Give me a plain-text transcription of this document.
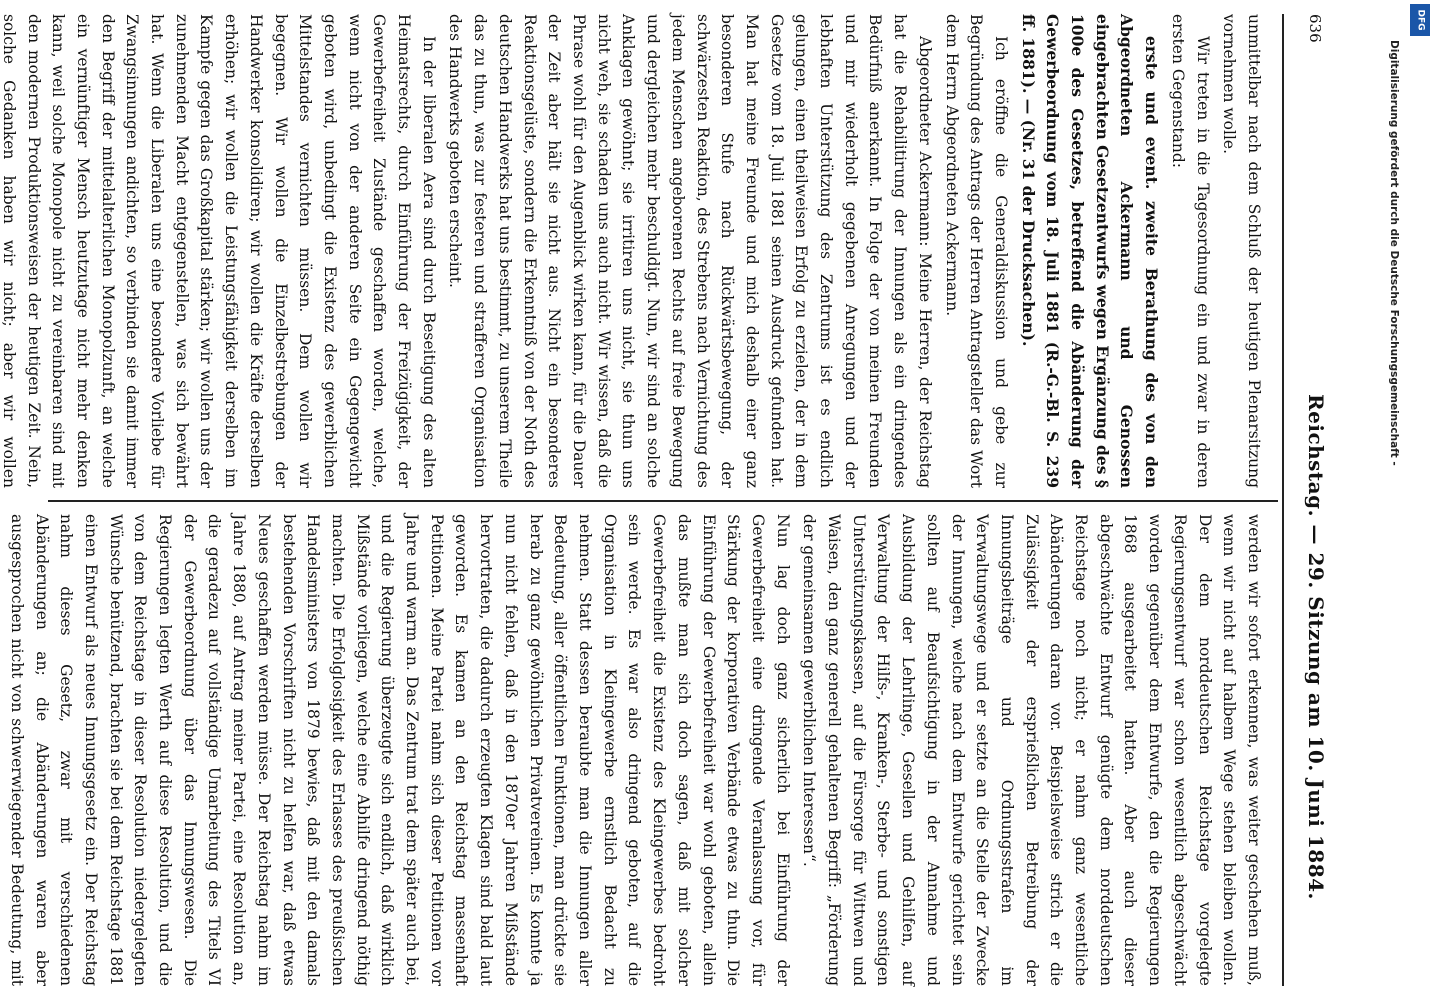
636
Reichstag. — 29. Sitzung am 10. Juni 1884.

unmittelbar nach dem Schluß der heutigen Plenarsitzung vornehmen wolle.

Wir treten in die Tagesordnung ein und zwar in deren ersten Gegenstand:

erste und event. zweite Berathung des von den Abgeordneten Ackermann und Genossen eingebrachten Gesetzentwurfs wegen Ergänzung des § 100e des Gesetzes, betreffend die Abänderung der Gewerbeordnung vom 18. Juli 1881 (R.-G.-Bl. S. 239 ff. 1881). — (Nr. 31 der Drucksachen).

Ich eröffne die Generaldiskussion und gebe zur Begründung des Antrags der Herren Antragsteller das Wort dem Herrn Abgeordneten Ackermann.

Abgeordneter Ackermann: Meine Herren, der Reichstag hat die Rehabilitirung der Innungen als ein dringendes Bedürfniß anerkannt. In Folge der von meinen Freunden und mir wiederholt gegebenen Anregungen und der lebhaften Unterstützung des Zentrums ist es endlich gelungen, einen theilweisen Erfolg zu erzielen, der in dem Gesetze vom 18. Juli 1881 seinen Ausdruck gefunden hat. Man hat meine Freunde und mich deshalb einer ganz besonderen Stufe nach Rückwärtsbewegung, der schwärzesten Reaktion, des Strebens nach Vernichtung des jedem Menschen angeborenen Rechts auf freie Bewegung und dergleichen mehr beschuldigt. Nun, wir sind an solche Anklagen gewöhnt; sie irritiren uns nicht, sie thun uns nicht weh, sie schaden uns auch nicht. Wir wissen, daß die Phrase wohl für den Augenblick wirken kann, für die Dauer der Zeit aber hält sie nicht aus. Nicht ein besonderes Reaktionsgelüste, sondern die Erkenntniß von der Noth des deutschen Handwerks hat uns bestimmt, zu unserem Theile das zu thun, was zur festeren und strafferen Organisation des Handwerks geboten erscheint.

In der liberalen Aera sind durch Beseitigung des alten Heimatsrechts, durch Einführung der Freizügigkeit, der Gewerbefreiheit Zustände geschaffen worden, welche, wenn nicht von der anderen Seite ein Gegengewicht geboten wird, unbedingt die Existenz des gewerblichen Mittelstandes vernichten müssen. Dem wollen wir begegnen. Wir wollen die Einzelbestrebungen der Handwerker konsolidiren; wir wollen die Kräfte derselben erhöhen; wir wollen die Leistungsfähigkeit derselben im Kampfe gegen das Großkapital stärken; wir wollen uns der zunehmenden Macht entgegenstellen, was sich bewährt hat. Wenn die Liberalen uns eine besondere Vorliebe für Zwangsinnungen andichten, so verbinden sie damit immer den Begriff der mittelalterlichen Monopolzunft, an welche ein vernünftiger Mensch heutzutage nicht mehr denken kann, weil solche Monopole nicht zu vereinbaren sind mit den modernen Produktionsweisen der heutigen Zeit. Nein, solche Gedanken haben wir nicht; aber wir wollen

werden wir sofort erkennen, was weiter geschehen muß, wenn wir nicht auf halbem Wege stehen bleiben wollen. Der dem norddeutschen Reichstage vorgelegte Regierungsentwurf war schon wesentlich abgeschwächt worden gegenüber dem Entwurfe, den die Regierungen 1868 ausgearbeitet hatten. Aber auch dieser abgeschwächte Entwurf genügte dem norddeutschen Reichstage noch nicht; er nahm ganz wesentliche Abänderungen daran vor. Beispielsweise strich er die Zulässigkeit der ersprießlichen Betreibung der Innungsbeiträge und Ordnungsstrafen im Verwaltungswege und er setzte an die Stelle der Zwecke der Innungen, welche nach dem Entwurfe gerichtet sein sollten auf Beaufsichtigung in der Annahme und Ausbildung der Lehrlinge, Gesellen und Gehilfen, auf Verwaltung der Hilfs-, Kranken-, Sterbe- und sonstigen Unterstützungskassen, auf die Fürsorge für Wittwen und Waisen, den ganz generell gehaltenen Begriff: „Förderung der gemeinsamen gewerblichen Interessen“.

Nun lag doch ganz sicherlich bei Einführung der Gewerbefreiheit eine dringende Veranlassung vor, für Stärkung der korporativen Verbände etwas zu thun. Die Einführung der Gewerbefreiheit war wohl geboten, allein das mußte man sich doch sagen, daß mit solcher Gewerbefreiheit die Existenz des Kleingewerbes bedroht sein werde. Es war also dringend geboten, auf die Organisation in Kleingewerbe ernstlich Bedacht zu nehmen. Statt dessen beraubte man die Innungen aller Bedeutung, aller öffentlichen Funktionen, man drückte sie herab zu ganz gewöhnlichen Privatvereinen. Es konnte ja nun nicht fehlen, daß in den 1870er Jahren Mißstände hervortraten, die dadurch erzeugten Klagen sind bald laut geworden. Es kamen an den Reichstag massenhaft Petitionen. Meine Partei nahm sich dieser Petitionen vor Jahre und warm an. Das Zentrum trat dem später auch bei, und die Regierung überzeugte sich endlich, daß wirklich Mißstände vorliegen, welche eine Abhilfe dringend nöthig machten. Die Erfolglosigkeit des Erlasses des preußischen Handelsministers von 1879 bewies, daß mit den damals bestehenden Vorschriften nicht zu helfen war, daß etwas Neues geschaffen werden müsse. Der Reichstag nahm im Jahre 1880, auf Antrag meiner Partei, eine Resolution an, die geradezu auf vollständige Umarbeitung des Titels VI der Gewerbeordnung über das Innungswesen. Die Regierungen legten Werth auf diese Resolution, und die von dem Reichstage in dieser Resolution niedergelegten Wünsche benützend, brachten sie bei dem Reichstage 1881 einen Entwurf als neues Innungsgesetz ein. Der Reichstag nahm dieses Gesetz, zwar mit verschiedenen Abänderungen an; die Abänderungen waren aber ausgesprochen nicht von schwerwiegender Bedeutung, mit

Digitalisierung gefördert durch die Deutsche Forschungsgemeinschaft -
DFG
